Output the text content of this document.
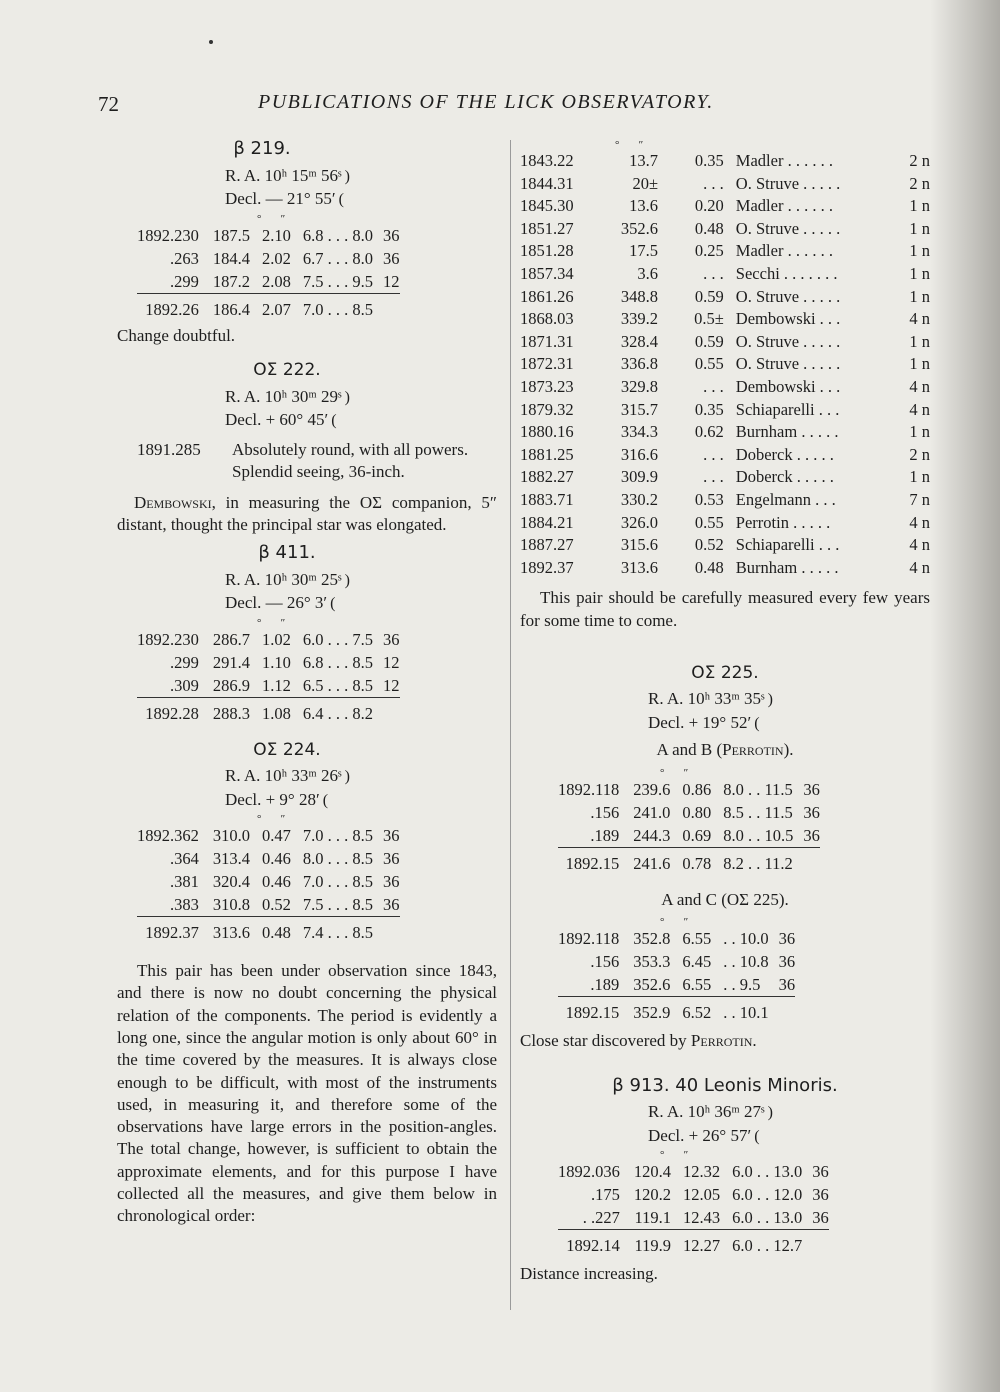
72	PUBLICATIONS OF THE LICK OBSERVATORY.
β 219.
R. A. 10ʰ 15ᵐ 56ˢ )
Decl. — 21° 55′ (
°       ″
1892.230	187.5	2.10	6.8 . . . 8.0	36
.263	184.4	2.02	6.7 . . . 8.0	36
.299	187.2	2.08	7.5 . . . 9.5	12
1892.26	186.4	2.07	7.0 . . . 8.5	

Change doubtful.

OΣ 222.
R. A. 10ʰ 30ᵐ 29ˢ )
Decl. + 60° 45′ (
1891.285	Absolutely round, with all powers. Splendid seeing, 36-inch.

 Dembowski, in measuring the OΣ companion, 5″ distant, thought the principal star was elongated.

β 411.
R. A. 10ʰ 30ᵐ 25ˢ )
Decl. — 26° 3′ (
°       ″
1892.230	286.7	1.02	6.0 . . . 7.5	36
.299	291.4	1.10	6.8 . . . 8.5	12
.309	286.9	1.12	6.5 . . . 8.5	12
1892.28	288.3	1.08	6.4 . . . 8.2	
OΣ 224.
R. A. 10ʰ 33ᵐ 26ˢ )
Decl. + 9° 28′ (
°       ″
1892.362	310.0	0.47	7.0 . . . 8.5	36
.364	313.4	0.46	8.0 . . . 8.5	36
.381	320.4	0.46	7.0 . . . 8.5	36
.383	310.8	0.52	7.5 . . . 8.5	36
1892.37	313.6	0.48	7.4 . . . 8.5	

This pair has been under observation since 1843, and there is now no doubt concerning the physical relation of the components. The period is evidently a long one, since the angular motion is only about 60° in the time covered by the measures. It is always close enough to be difficult, with most of the instruments used, in measuring it, and therefore some of the observations have large errors in the position-angles. The total change, however, is sufficient to obtain the approximate elements, and for this purpose I have collected all the measures, and give them below in chronological order:

°       ″
1843.22	13.7	0.35	Madler . . . . . .	2 n
1844.31	20±	. . .	O. Struve . . . . .	2 n
1845.30	13.6	0.20	Madler . . . . . .	1 n
1851.27	352.6	0.48	O. Struve . . . . .	1 n
1851.28	17.5	0.25	Madler . . . . . .	1 n
1857.34	3.6	. . .	Secchi . . . . . . .	1 n
1861.26	348.8	0.59	O. Struve . . . . .	1 n
1868.03	339.2	0.5±	Dembowski . . .	4 n
1871.31	328.4	0.59	O. Struve . . . . .	1 n
1872.31	336.8	0.55	O. Struve . . . . .	1 n
1873.23	329.8	. . .	Dembowski . . .	4 n
1879.32	315.7	0.35	Schiaparelli . . .	4 n
1880.16	334.3	0.62	Burnham . . . . .	1 n
1881.25	316.6	. . .	Doberck . . . . .	2 n
1882.27	309.9	. . .	Doberck . . . . .	1 n
1883.71	330.2	0.53	Engelmann . . .	7 n
1884.21	326.0	0.55	Perrotin . . . . .	4 n
1887.27	315.6	0.52	Schiaparelli . . .	4 n
1892.37	313.6	0.48	Burnham . . . . .	4 n

This pair should be carefully measured every few years for some time to come.

OΣ 225.
R. A. 10ʰ 33ᵐ 35ˢ )
Decl. + 19° 52′ (
A and B (Perrotin).
°       ″
1892.118	239.6	0.86	8.0 . . 11.5	36
.156	241.0	0.80	8.5 . . 11.5	36
.189	244.3	0.69	8.0 . . 10.5	36
1892.15	241.6	0.78	8.2 . . 11.2	
A and C (OΣ 225).
°       ″
1892.118	352.8	6.55	. . 10.0	36
.156	353.3	6.45	. . 10.8	36
.189	352.6	6.55	. . 9.5	36
1892.15	352.9	6.52	. . 10.1	

Close star discovered by Perrotin.

β 913. 40 Leonis Minoris.
R. A. 10ʰ 36ᵐ 27ˢ )
Decl. + 26° 57′ (
°       ″
1892.036	120.4	12.32	6.0 . . 13.0	36
.175	120.2	12.05	6.0 . . 12.0	36
. .227	119.1	12.43	6.0 . . 13.0	36
1892.14	119.9	12.27	6.0 . . 12.7	

Distance increasing.
